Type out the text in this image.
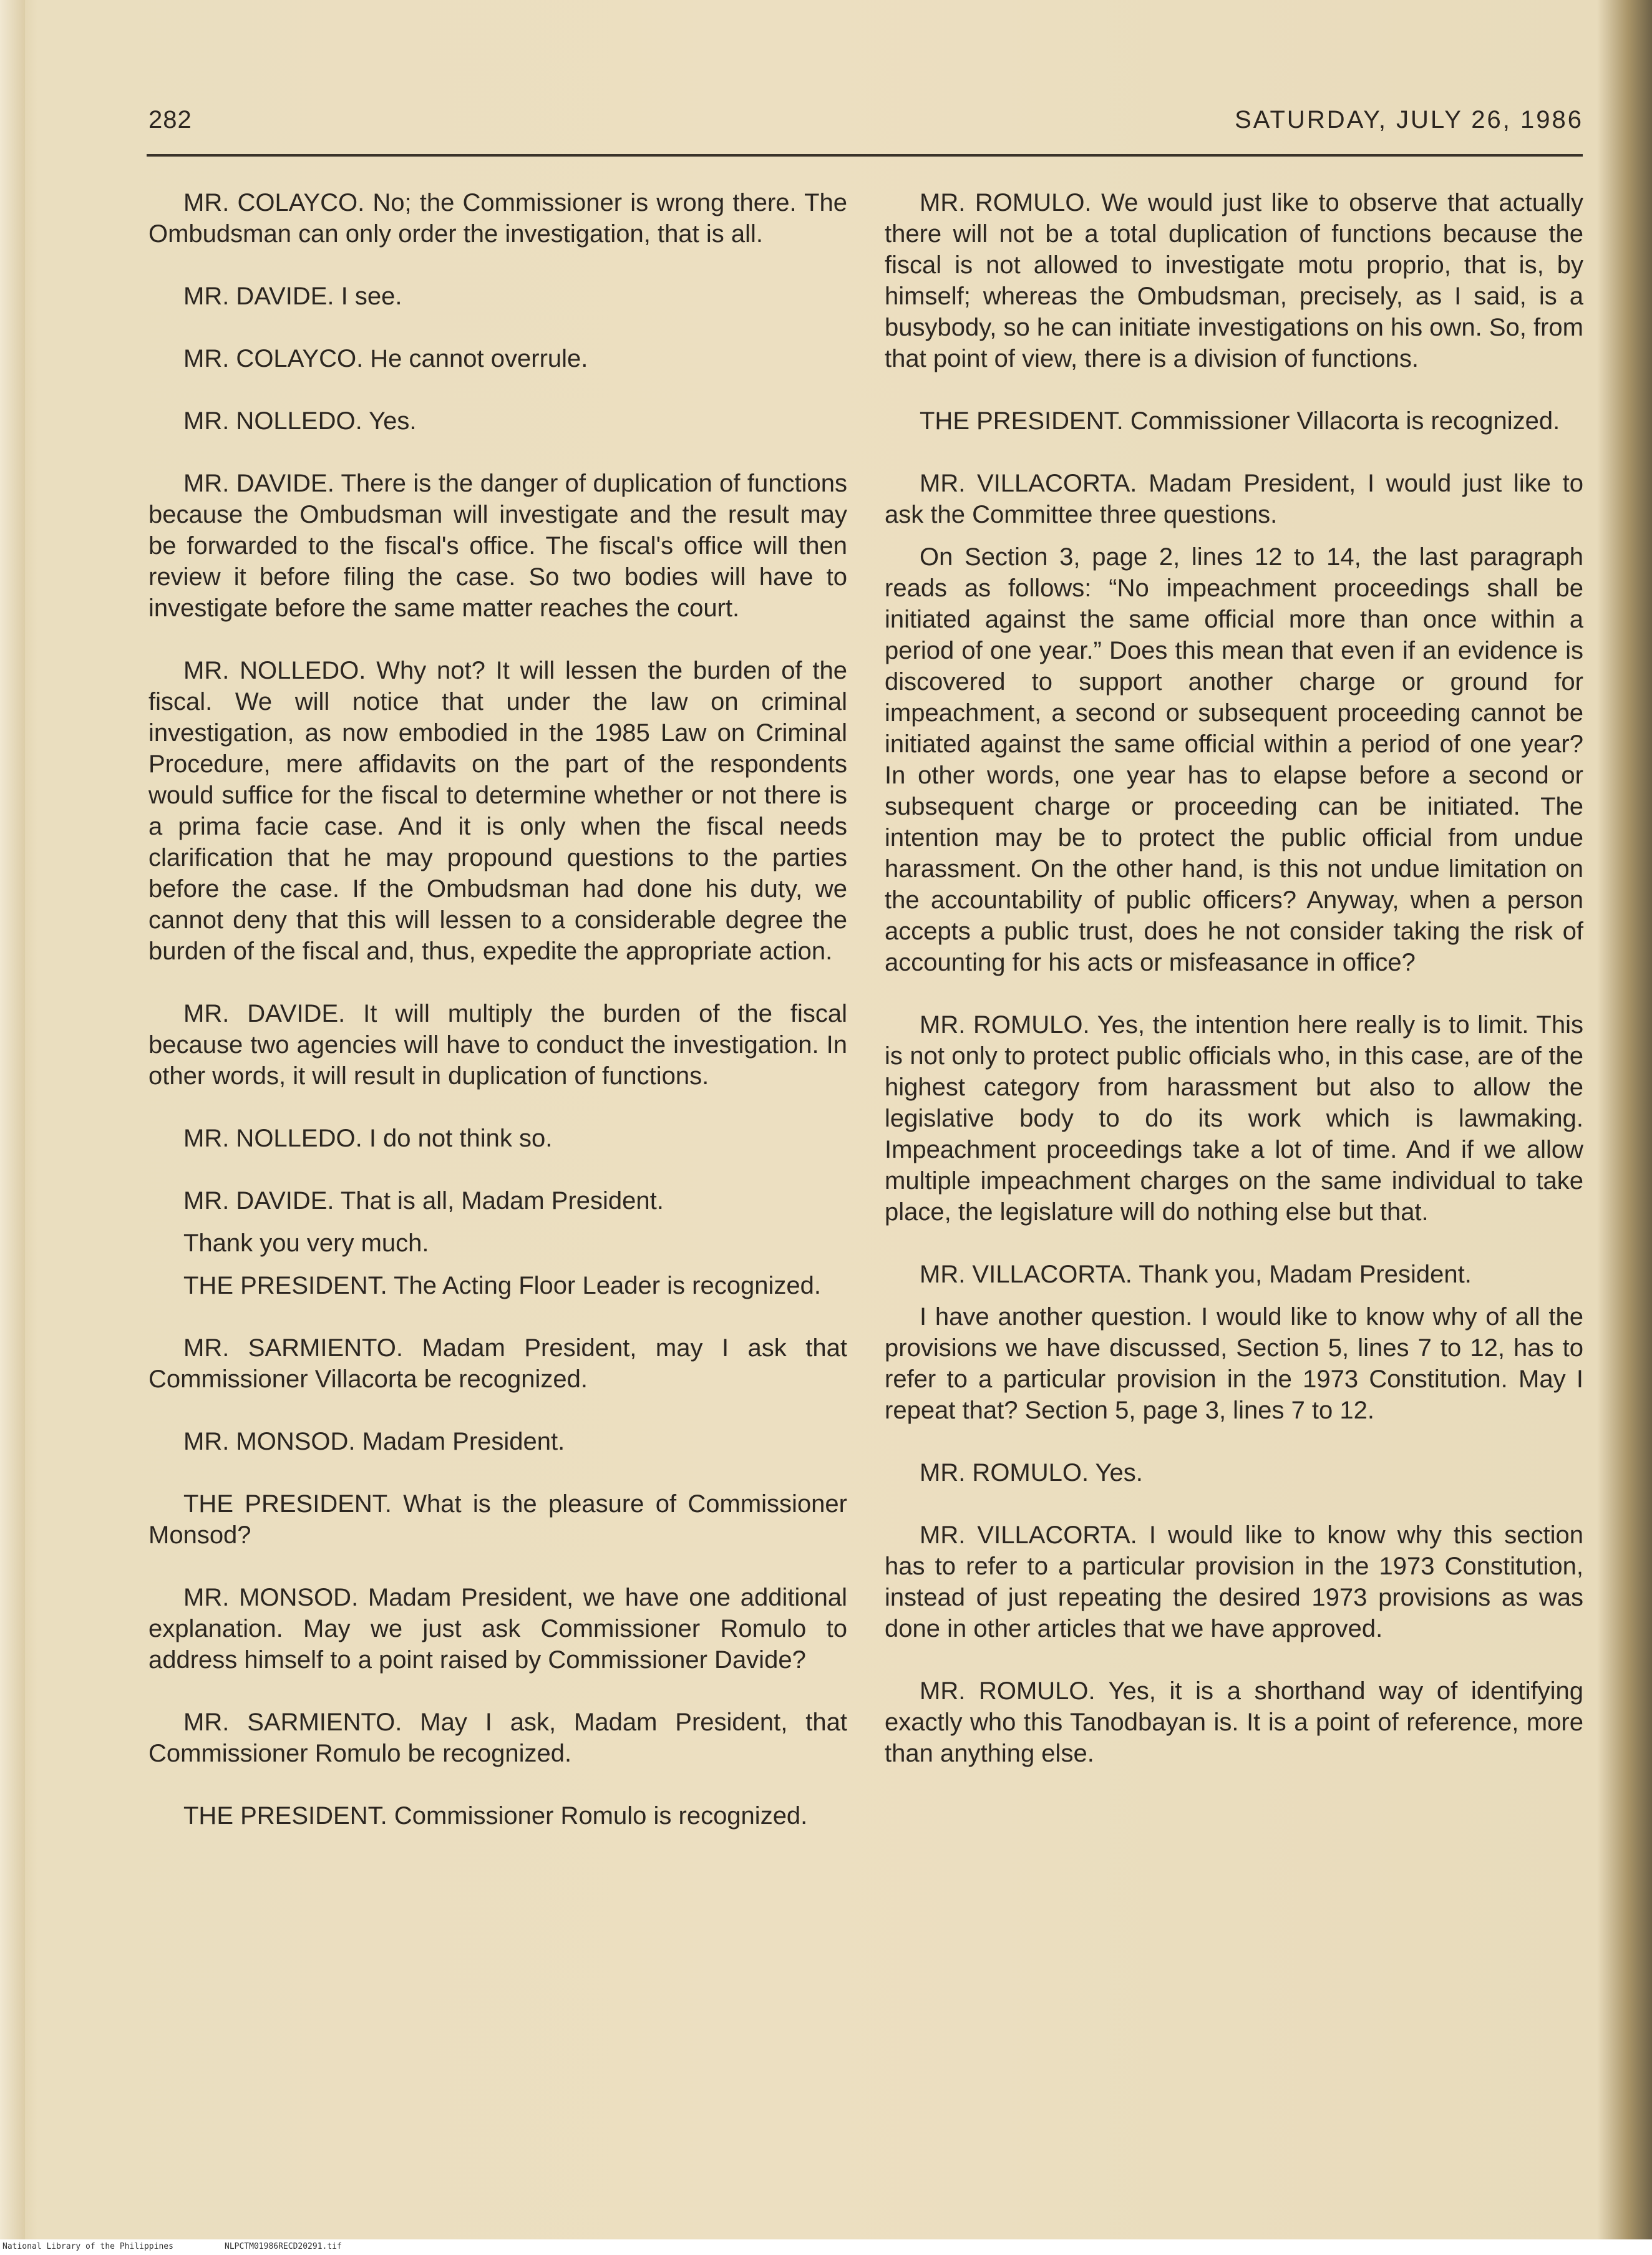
282	SATURDAY, JULY 26, 1986

MR. COLAYCO. No; the Commissioner is wrong there. The Ombudsman can only order the investigation, that is all.

MR. DAVIDE. I see.

MR. COLAYCO. He cannot overrule.

MR. NOLLEDO. Yes.

MR. DAVIDE. There is the danger of duplication of functions because the Ombudsman will investigate and the result may be forwarded to the fiscal's office. The fiscal's office will then review it before filing the case. So two bodies will have to investigate before the same matter reaches the court.

MR. NOLLEDO. Why not? It will lessen the burden of the fiscal. We will notice that under the law on criminal investigation, as now embodied in the 1985 Law on Criminal Procedure, mere affidavits on the part of the respondents would suffice for the fiscal to determine whether or not there is a prima facie case. And it is only when the fiscal needs clarification that he may propound questions to the parties before the case. If the Ombudsman had done his duty, we cannot deny that this will lessen to a considerable degree the burden of the fiscal and, thus, expedite the appropriate action.

MR. DAVIDE. It will multiply the burden of the fiscal because two agencies will have to conduct the investigation. In other words, it will result in duplication of functions.

MR. NOLLEDO. I do not think so.

MR. DAVIDE. That is all, Madam President.

Thank you very much.

THE PRESIDENT. The Acting Floor Leader is recognized.

MR. SARMIENTO. Madam President, may I ask that Commissioner Villacorta be recognized.

MR. MONSOD. Madam President.

THE PRESIDENT. What is the pleasure of Commissioner Monsod?

MR. MONSOD. Madam President, we have one additional explanation. May we just ask Commissioner Romulo to address himself to a point raised by Commissioner Davide?

MR. SARMIENTO. May I ask, Madam President, that Commissioner Romulo be recognized.

THE PRESIDENT. Commissioner Romulo is recognized.

MR. ROMULO. We would just like to observe that actually there will not be a total duplication of functions because the fiscal is not allowed to investigate motu proprio, that is, by himself; whereas the Ombudsman, precisely, as I said, is a busybody, so he can initiate investigations on his own. So, from that point of view, there is a division of functions.

THE PRESIDENT. Commissioner Villacorta is recognized.

MR. VILLACORTA. Madam President, I would just like to ask the Committee three questions.

On Section 3, page 2, lines 12 to 14, the last paragraph reads as follows: “No impeachment proceedings shall be initiated against the same official more than once within a period of one year.” Does this mean that even if an evidence is discovered to support another charge or ground for impeachment, a second or subsequent proceeding cannot be initiated against the same official within a period of one year? In other words, one year has to elapse before a second or subsequent charge or proceeding can be initiated. The intention may be to protect the public official from undue harassment. On the other hand, is this not undue limitation on the accountability of public officers? Anyway, when a person accepts a public trust, does he not consider taking the risk of accounting for his acts or misfeasance in office?

MR. ROMULO. Yes, the intention here really is to limit. This is not only to protect public officials who, in this case, are of the highest category from harassment but also to allow the legislative body to do its work which is lawmaking. Impeachment proceedings take a lot of time. And if we allow multiple impeachment charges on the same individual to take place, the legislature will do nothing else but that.

MR. VILLACORTA. Thank you, Madam President.

I have another question. I would like to know why of all the provisions we have discussed, Section 5, lines 7 to 12, has to refer to a particular provision in the 1973 Constitution. May I repeat that? Section 5, page 3, lines 7 to 12.

MR. ROMULO. Yes.

MR. VILLACORTA. I would like to know why this section has to refer to a particular provision in the 1973 Constitution, instead of just repeating the desired 1973 provisions as was done in other articles that we have approved.

MR. ROMULO. Yes, it is a shorthand way of identifying exactly who this Tanodbayan is. It is a point of reference, more than anything else.

National Library of the Philippines	NLPCTM01986RECD20291.tif
